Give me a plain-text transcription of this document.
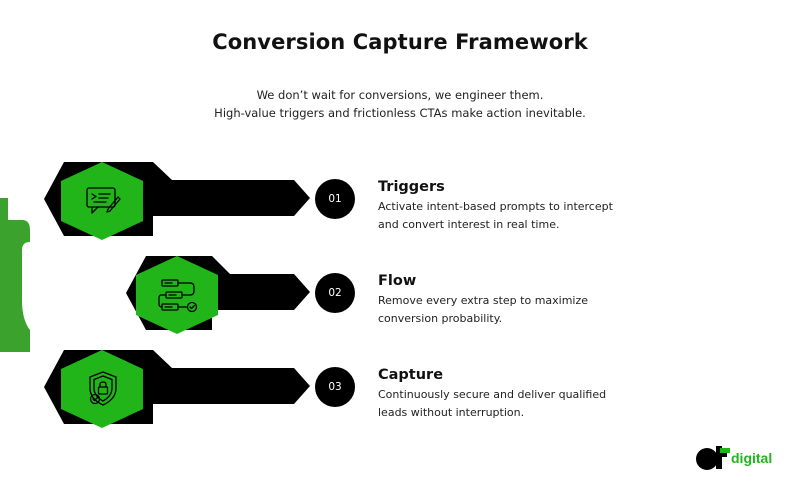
Conversion Capture Framework
We don’t wait for conversions, we engineer them.
High-value triggers and frictionless CTAs make action inevitable.
01
Triggers
Activate intent-based prompts to intercept
and convert interest in real time.
02
Flow
Remove every extra step to maximize
conversion probability.
03
Capture
Continuously secure and deliver qualified
leads without interruption.
digital
